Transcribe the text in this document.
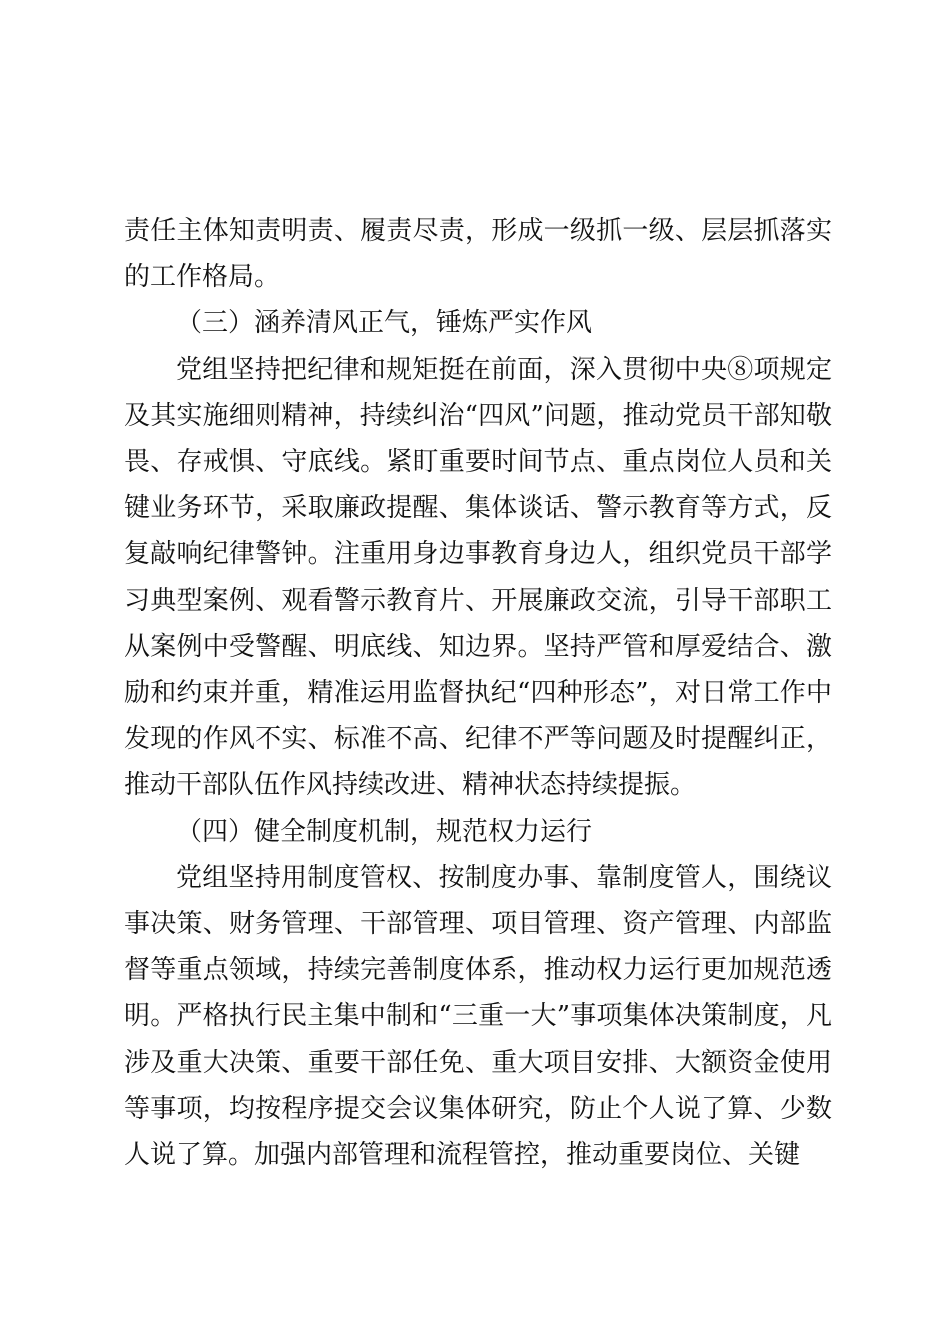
责任主体知责明责、履责尽责，形成一级抓一级、层层抓落实的工作格局。

（三）涵养清风正气，锤炼严实作风

党组坚持把纪律和规矩挺在前面，深入贯彻中央⑧项规定及其实施细则精神，持续纠治“四风”问题，推动党员干部知敬畏、存戒惧、守底线。紧盯重要时间节点、重点岗位人员和关键业务环节，采取廉政提醒、集体谈话、警示教育等方式，反复敲响纪律警钟。注重用身边事教育身边人，组织党员干部学习典型案例、观看警示教育片、开展廉政交流，引导干部职工从案例中受警醒、明底线、知边界。坚持严管和厚爱结合、激励和约束并重，精准运用监督执纪“四种形态”，对日常工作中发现的作风不实、标准不高、纪律不严等问题及时提醒纠正，推动干部队伍作风持续改进、精神状态持续提振。

（四）健全制度机制，规范权力运行

党组坚持用制度管权、按制度办事、靠制度管人，围绕议事决策、财务管理、干部管理、项目管理、资产管理、内部监督等重点领域，持续完善制度体系，推动权力运行更加规范透明。严格执行民主集中制和“三重一大”事项集体决策制度，凡涉及重大决策、重要干部任免、重大项目安排、大额资金使用等事项，均按程序提交会议集体研究，防止个人说了算、少数人说了算。加强内部管理和流程管控，推动重要岗位、关键
